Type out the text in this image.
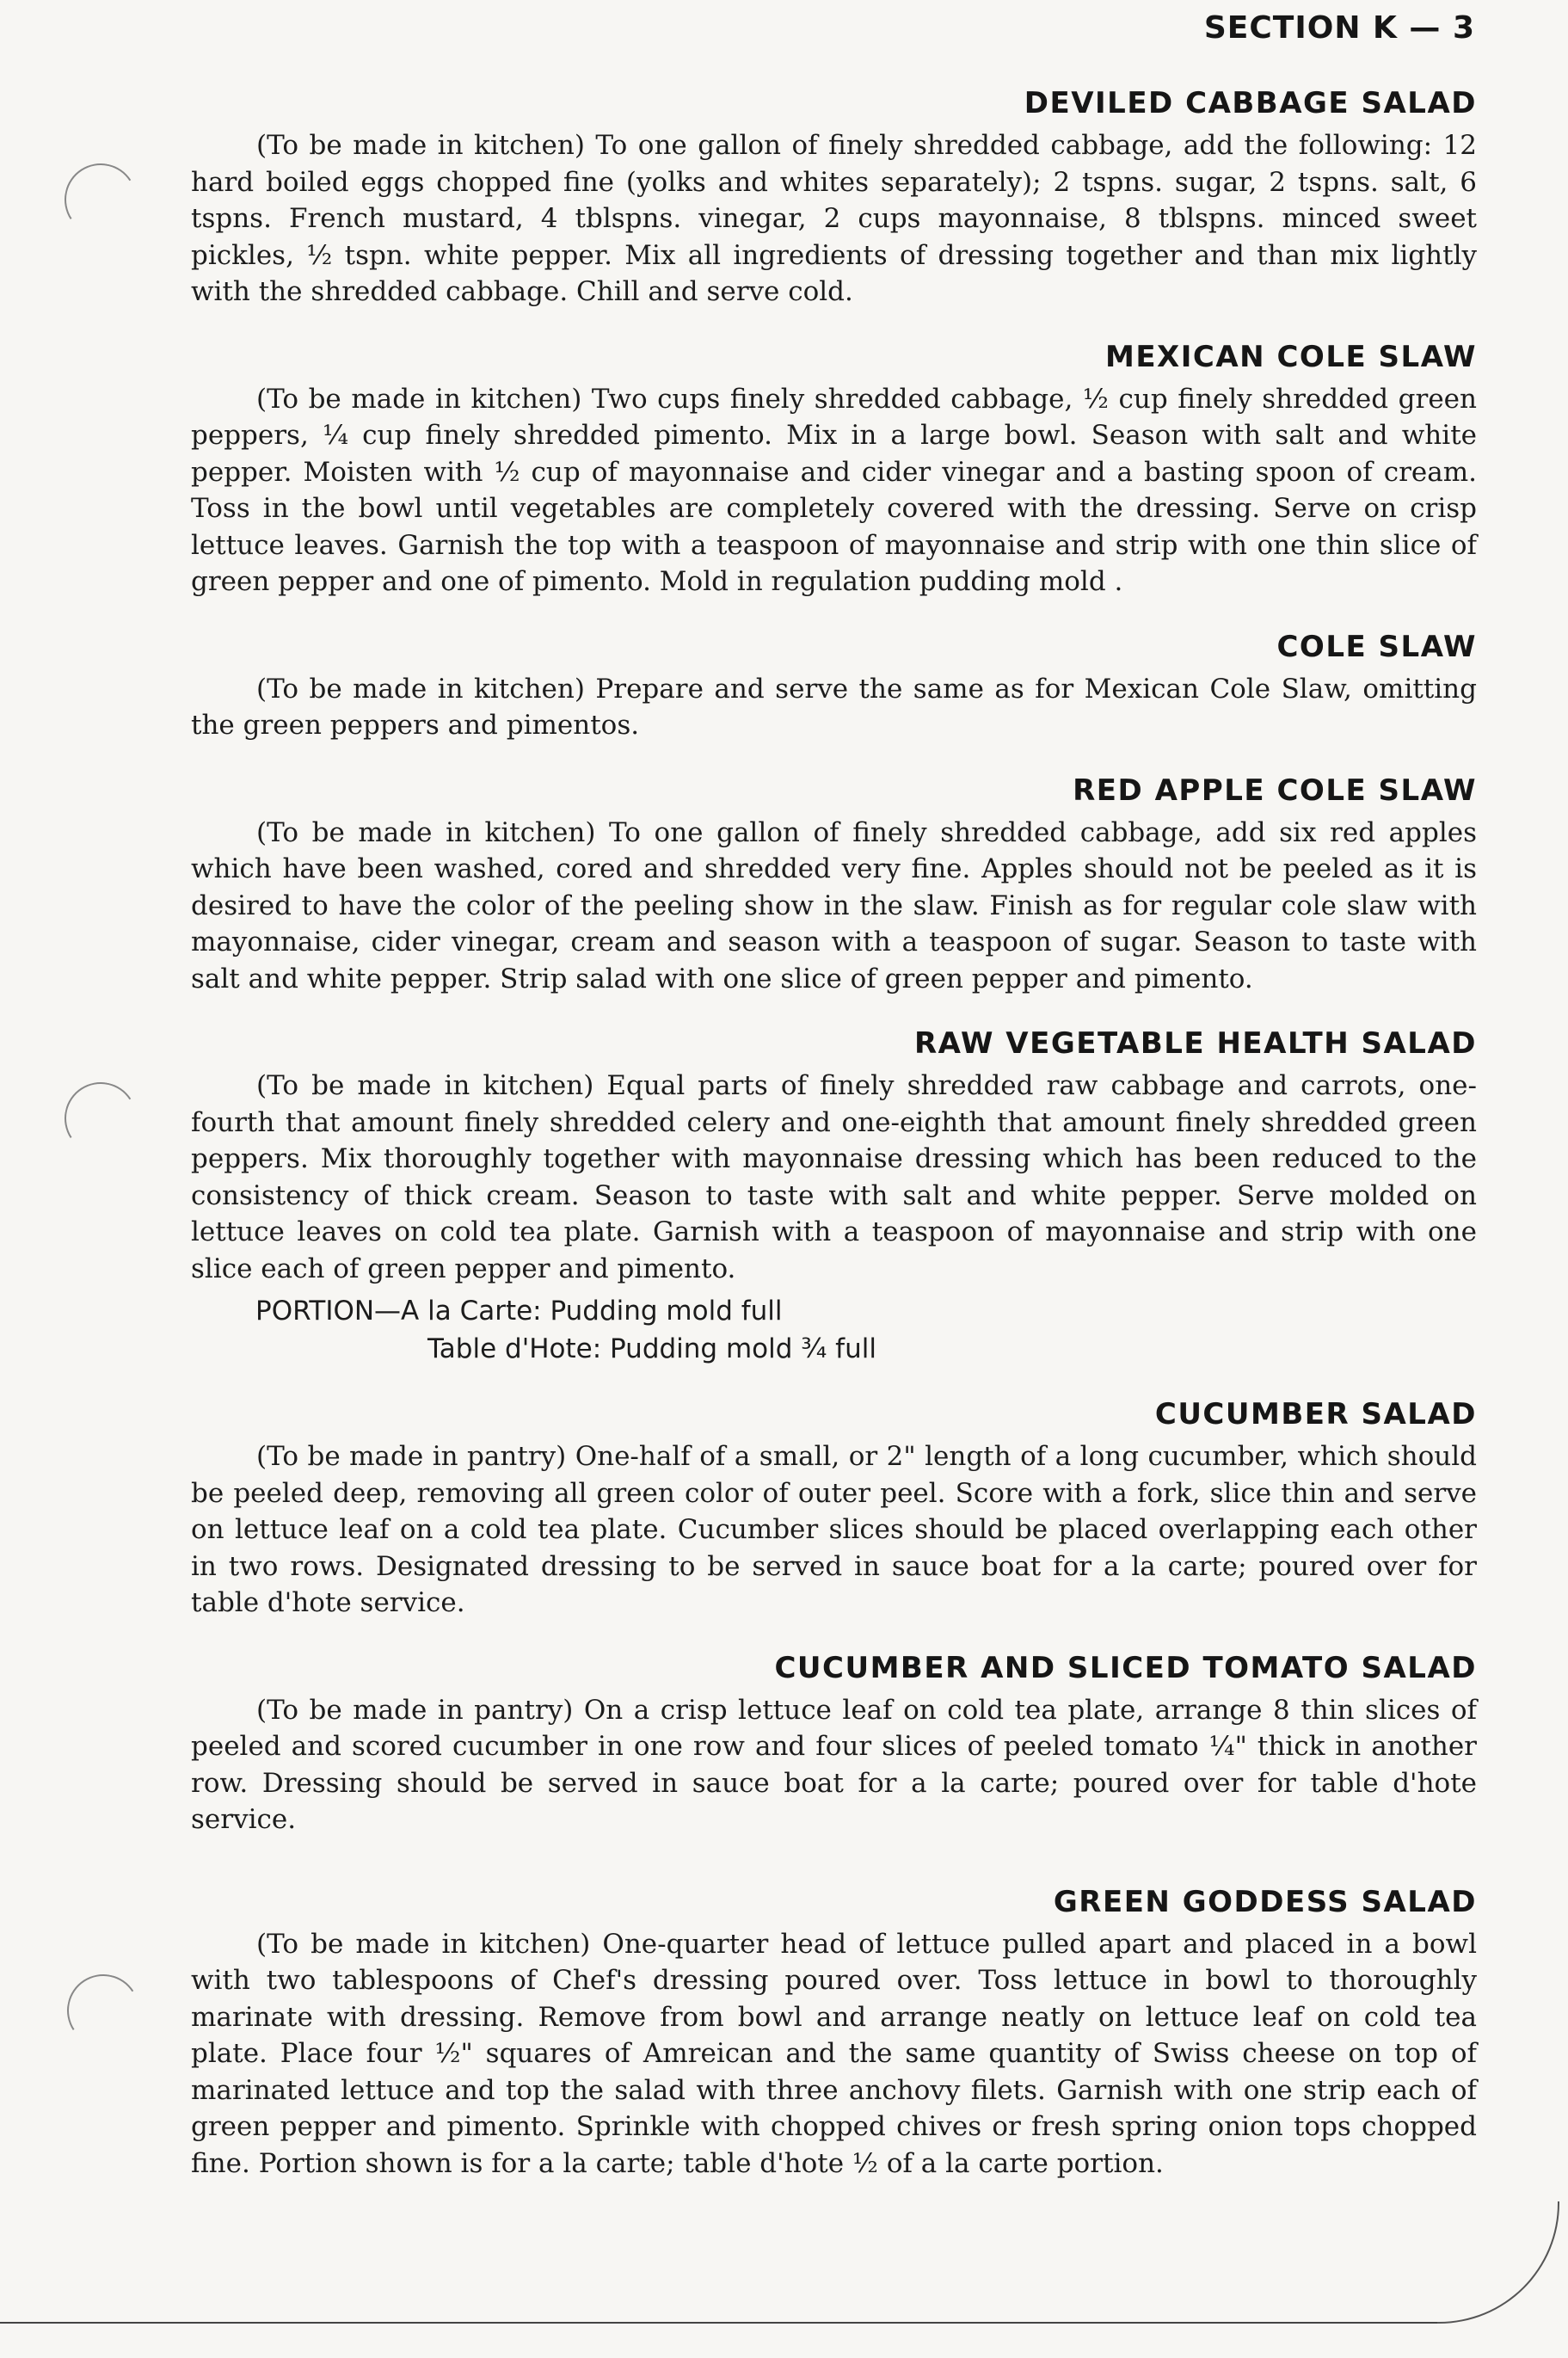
SECTION K — 3
DEVILED CABBAGE SALAD

(To be made in kitchen) To one gallon of finely shredded cabbage, add the following: 12 hard boiled eggs chopped fine (yolks and whites separately); 2 tspns. sugar, 2 tspns. salt, 6 tspns. French mustard, 4 tblspns. vinegar, 2 cups mayonnaise, 8 tblspns. minced sweet pickles, ½ tspn. white pepper. Mix all ingredients of dressing together and than mix lightly with the shredded cabbage. Chill and serve cold.

MEXICAN COLE SLAW

(To be made in kitchen) Two cups finely shredded cabbage, ½ cup finely shredded green peppers, ¼ cup finely shredded pimento. Mix in a large bowl. Season with salt and white pepper. Moisten with ½ cup of mayonnaise and cider vinegar and a basting spoon of cream. Toss in the bowl until vegetables are completely covered with the dressing. Serve on crisp lettuce leaves. Garnish the top with a teaspoon of mayonnaise and strip with one thin slice of green pepper and one of pimento. Mold in regulation pudding mold .

COLE SLAW

(To be made in kitchen) Prepare and serve the same as for Mexican Cole Slaw, omitting the green peppers and pimentos.

RED APPLE COLE SLAW

(To be made in kitchen) To one gallon of finely shredded cabbage, add six red apples which have been washed, cored and shredded very fine. Apples should not be peeled as it is desired to have the color of the peeling show in the slaw. Finish as for regular cole slaw with mayonnaise, cider vinegar, cream and season with a teaspoon of sugar. Season to taste with salt and white pepper. Strip salad with one slice of green pepper and pimento.

RAW VEGETABLE HEALTH SALAD

(To be made in kitchen) Equal parts of finely shredded raw cabbage and carrots, one-fourth that amount finely shredded celery and one-eighth that amount finely shredded green peppers. Mix thoroughly together with mayonnaise dressing which has been reduced to the consistency of thick cream. Season to taste with salt and white pepper. Serve molded on lettuce leaves on cold tea plate. Garnish with a teaspoon of mayonnaise and strip with one slice each of green pepper and pimento.

PORTION—A la Carte: Pudding mold full
Table d'Hote: Pudding mold ¾ full
CUCUMBER SALAD

(To be made in pantry) One-half of a small, or 2" length of a long cucumber, which should be peeled deep, removing all green color of outer peel. Score with a fork, slice thin and serve on lettuce leaf on a cold tea plate. Cucumber slices should be placed overlapping each other in two rows. Designated dressing to be served in sauce boat for a la carte; poured over for table d'hote service.

CUCUMBER AND SLICED TOMATO SALAD

(To be made in pantry) On a crisp lettuce leaf on cold tea plate, arrange 8 thin slices of peeled and scored cucumber in one row and four slices of peeled tomato ¼" thick in another row. Dressing should be served in sauce boat for a la carte; poured over for table d'hote service.

GREEN GODDESS SALAD

(To be made in kitchen) One-quarter head of lettuce pulled apart and placed in a bowl with two tablespoons of Chef's dressing poured over. Toss lettuce in bowl to thoroughly marinate with dressing. Remove from bowl and arrange neatly on lettuce leaf on cold tea plate. Place four ½" squares of Amreican and the same quantity of Swiss cheese on top of marinated lettuce and top the salad with three anchovy filets. Garnish with one strip each of green pepper and pimento. Sprinkle with chopped chives or fresh spring onion tops chopped fine. Portion shown is for a la carte; table d'hote ½ of a la carte portion.
